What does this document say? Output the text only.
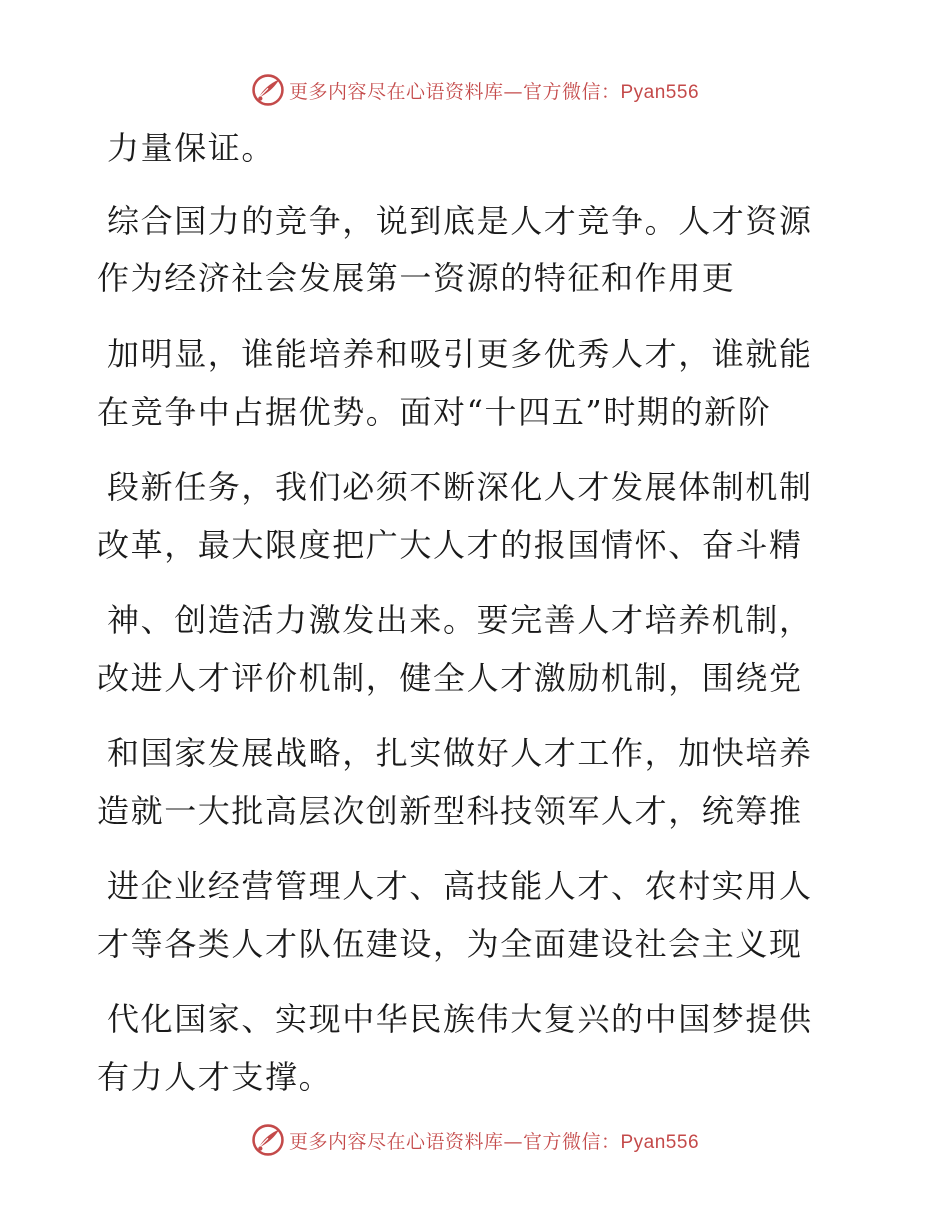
更多内容尽在心语资料库—官方微信：Pyan556
力量保证。
综合国力的竞争，说到底是人才竞争。人才资源
作为经济社会发展第一资源的特征和作用更
加明显，谁能培养和吸引更多优秀人才，谁就能
在竞争中占据优势。面对“十四五”时期的新阶
段新任务，我们必须不断深化人才发展体制机制
改革，最大限度把广大人才的报国情怀、奋斗精
神、创造活力激发出来。要完善人才培养机制，
改进人才评价机制，健全人才激励机制，围绕党
和国家发展战略，扎实做好人才工作，加快培养
造就一大批高层次创新型科技领军人才，统筹推
进企业经营管理人才、高技能人才、农村实用人
才等各类人才队伍建设，为全面建设社会主义现
代化国家、实现中华民族伟大复兴的中国梦提供
有力人才支撑。
更多内容尽在心语资料库—官方微信：Pyan556
